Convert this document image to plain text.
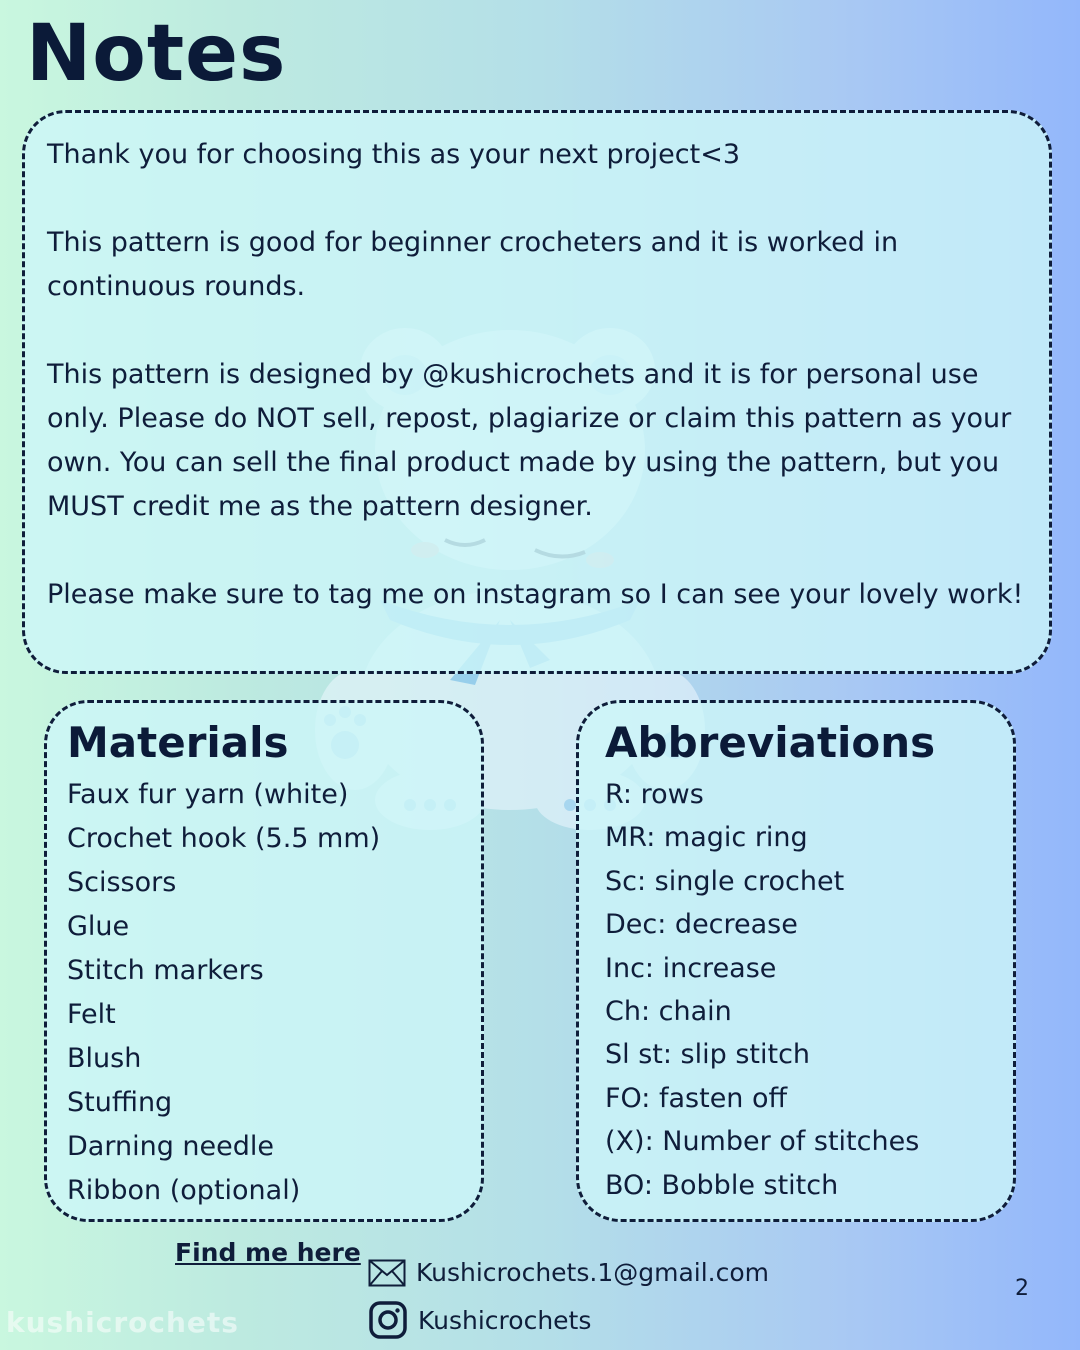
Notes

Thank you for choosing this as your next project<3

This pattern is good for beginner crocheters and it is worked in continuous rounds.

This pattern is designed by @kushicrochets and it is for personal use only. Please do NOT sell, repost, plagiarize or claim this pattern as your own. You can sell the final product made by using the pattern, but you MUST credit me as the pattern designer.

Please make sure to tag me on instagram so I can see your lovely work!

Materials
Faux fur yarn (white)
Crochet hook (5.5 mm)
Scissors
Glue
Stitch markers
Felt
Blush
Stuffing
Darning needle
Ribbon (optional)
Abbreviations
R: rows
MR: magic ring
Sc: single crochet
Dec: decrease
Inc: increase
Ch: chain
Sl st: slip stitch
FO: fasten off
(X): Number of stitches
BO: Bobble stitch
Find me here
Kushicrochets.1@gmail.com
Kushicrochets
2
kushicrochets
